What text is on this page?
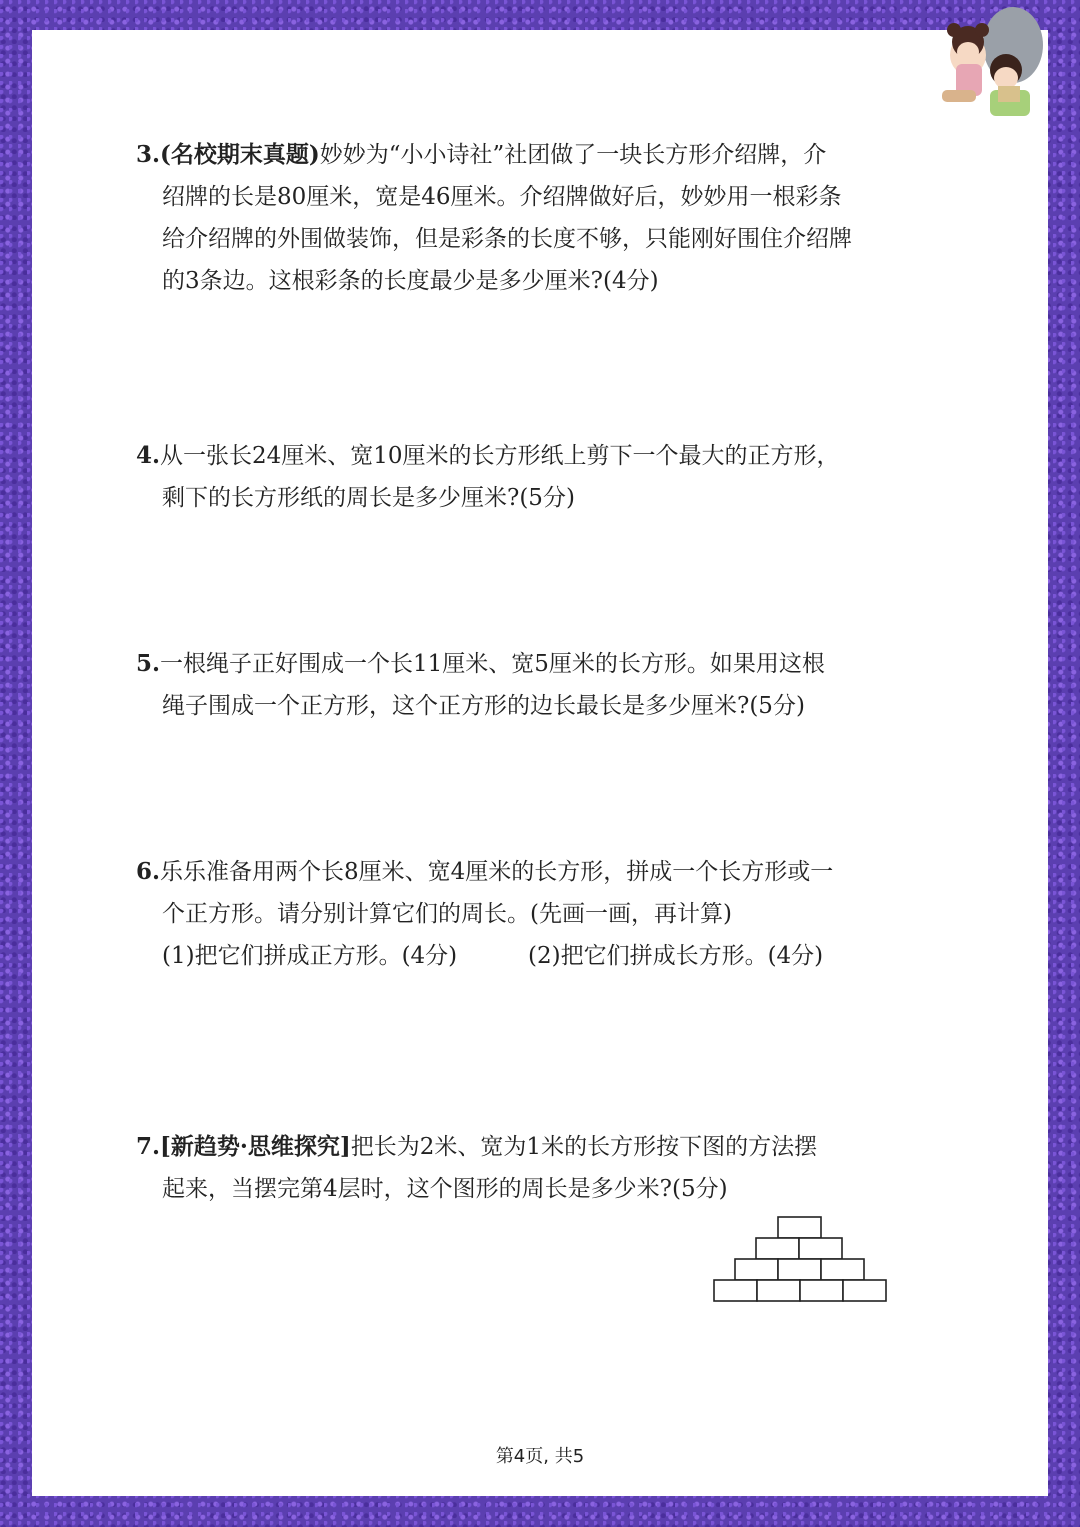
3.(名校期末真题)妙妙为“小小诗社”社团做了一块长方形介绍牌，介
绍牌的长是80厘米，宽是46厘米。介绍牌做好后，妙妙用一根彩条
给介绍牌的外围做装饰，但是彩条的长度不够，只能刚好围住介绍牌
的3条边。这根彩条的长度最少是多少厘米?(4分)
4.从一张长24厘米、宽10厘米的长方形纸上剪下一个最大的正方形，
剩下的长方形纸的周长是多少厘米?(5分)
5.一根绳子正好围成一个长11厘米、宽5厘米的长方形。如果用这根
绳子围成一个正方形，这个正方形的边长最长是多少厘米?(5分)
6.乐乐准备用两个长8厘米、宽4厘米的长方形，拼成一个长方形或一
个正方形。请分别计算它们的周长。(先画一画，再计算)
(1)把它们拼成正方形。(4分)	(2)把它们拼成长方形。(4分)
7.[新趋势·思维探究]把长为2米、宽为1米的长方形按下图的方法摆
起来，当摆完第4层时，这个图形的周长是多少米?(5分)
第4页, 共5
